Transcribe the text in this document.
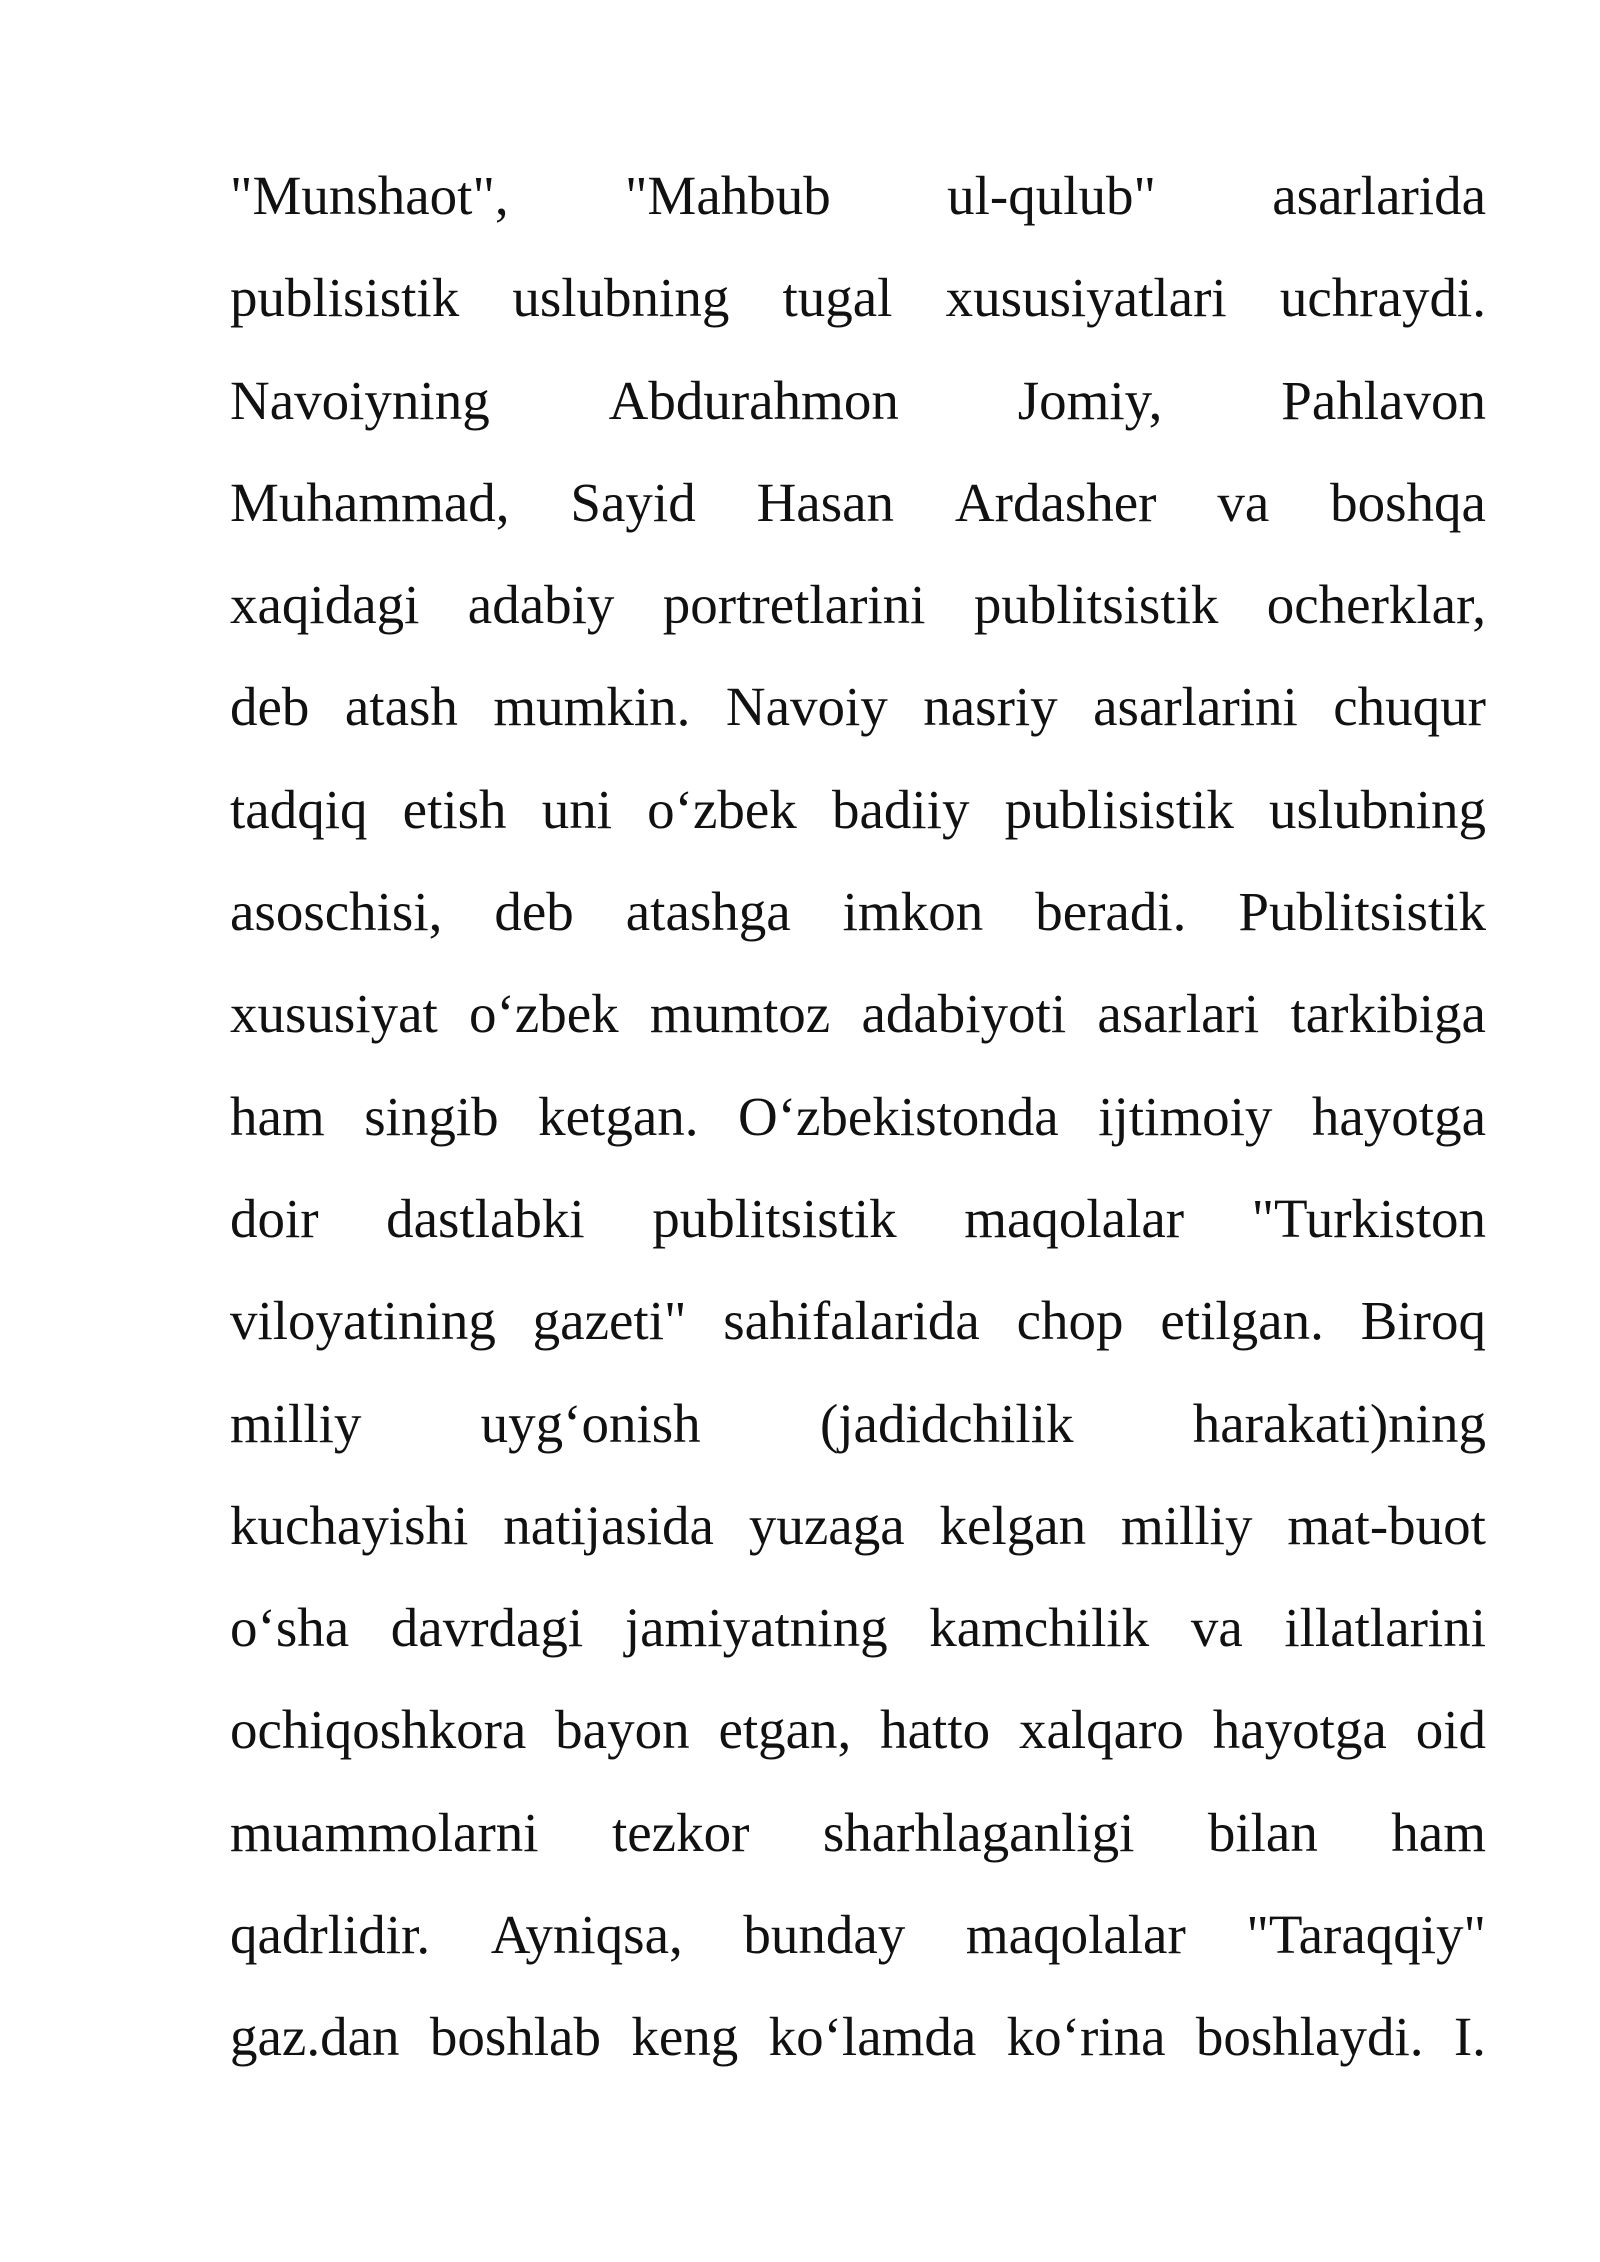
"Munshaot", "Mahbub ul-qulub" asarlarida
publisistik uslubning tugal xususiyatlari uchraydi.
Navoiyning Abdurahmon Jomiy, Pahlavon
Muhammad, Sayid Hasan Ardasher va boshqa
xaqidagi adabiy portretlarini publitsistik ocherklar,
deb atash mumkin. Navoiy nasriy asarlarini chuqur
tadqiq etish uni o‘zbek badiiy publisistik uslubning
asoschisi, deb atashga imkon beradi. Publitsistik
xususiyat o‘zbek mumtoz adabiyoti asarlari tarkibiga
ham singib ketgan. O‘zbekistonda ijtimoiy hayotga
doir dastlabki publitsistik maqolalar "Turkiston
viloyatining gazeti" sahifalarida chop etilgan. Biroq
milliy uyg‘onish (jadidchilik harakati)ning
kuchayishi natijasida yuzaga kelgan milliy mat-buot
o‘sha davrdagi jamiyatning kamchilik va illatlarini
ochiqoshkora bayon etgan, hatto xalqaro hayotga oid
muammolarni tezkor sharhlaganligi bilan ham
qadrlidir. Ayniqsa, bunday maqolalar "Taraqqiy"
gaz.dan boshlab keng ko‘lamda ko‘rina boshlaydi. I.
